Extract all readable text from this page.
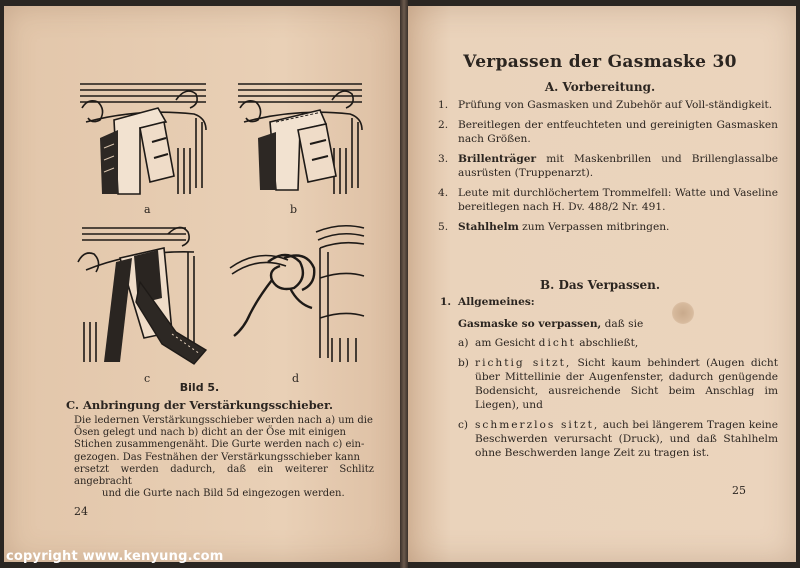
a	b
c	d
Bild 5.
C. Anbringung der Verstärkungsschieber.
Die ledernen Verstärkungsschieber werden nach a) um die
Ösen gelegt und nach b) dicht an der Öse mit einigen
Stichen zusammengenäht. Die Gurte werden nach c) ein-
gezogen. Das Festnähen der Verstärkungsschieber kann
ersetzt werden dadurch, daß ein weiterer Schlitz angebracht
und die Gurte nach Bild 5d eingezogen werden.
24
Verpassen der Gasmaske 30
A. Vorbereitung.
1. Prüfung von Gasmasken und Zubehör auf Voll-ständigkeit.
2. Bereitlegen der entfeuchteten und gereinigten Gasmasken nach Größen.
3. Brillenträger mit Maskenbrillen und Brillenglassalbe ausrüsten (Truppenarzt).
4. Leute mit durchlöchertem Trommelfell: Watte und Vaseline bereitlegen nach H. Dv. 488/2 Nr. 491.
5. Stahlhelm zum Verpassen mitbringen.
B. Das Verpassen.
1. Allgemeines:
Gasmaske so verpassen, daß sie
a) am Gesicht dicht abschließt,
b) richtig sitzt, Sicht kaum behindert (Augen dicht über Mittellinie der Augenfenster, dadurch genügende Bodensicht, ausreichende Sicht beim Anschlag im Liegen), und
c) schmerzlos sitzt, auch bei längerem Tragen keine Beschwerden verursacht (Druck), und daß Stahlhelm ohne Beschwerden lange Zeit zu tragen ist.
25
copyright www.kenyung.com
